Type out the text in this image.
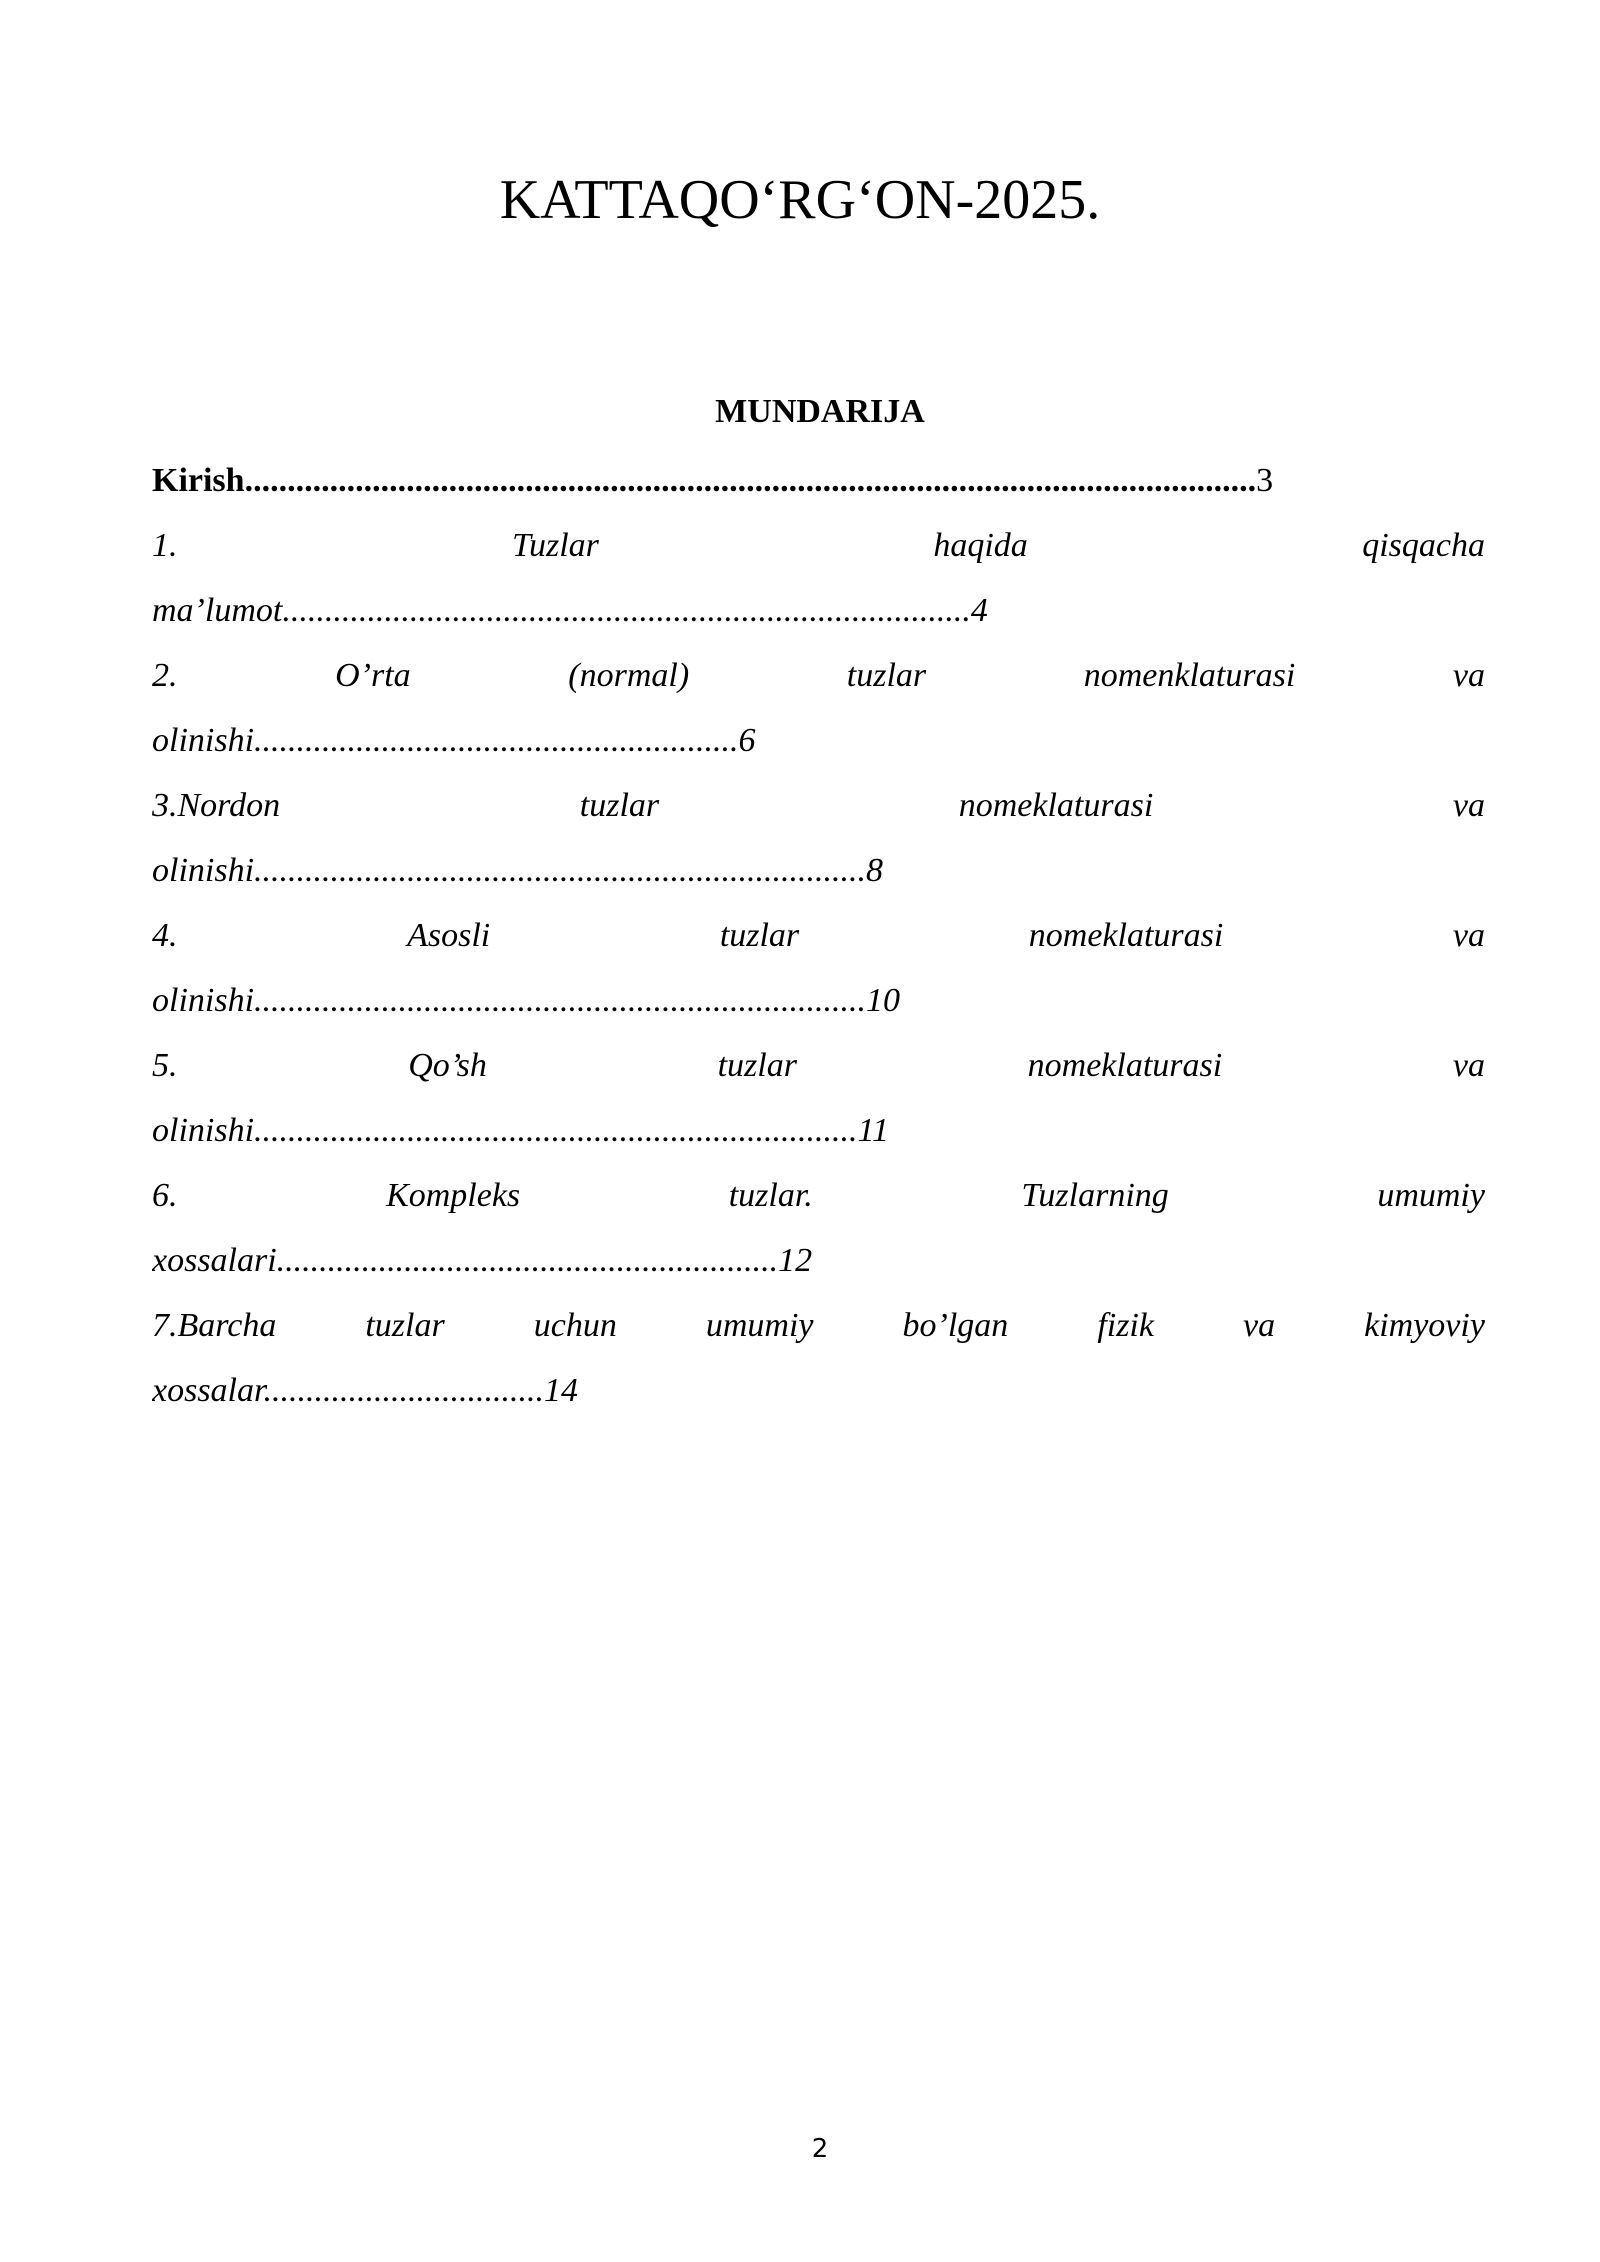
KATTAQO‘RG‘ON-2025.
MUNDARIJA
Kirish.......................................................................................................................3
1.	Tuzlar	haqida	qisqacha
ma’lumot.................................................................................4
2.	O’rta	(normal)	tuzlar	nomenklaturasi	va
olinishi.........................................................6
3.Nordon	tuzlar	nomeklaturasi	va
olinishi........................................................................8
4.	Asosli	tuzlar	nomeklaturasi	va
olinishi........................................................................10
5.	Qo’sh	tuzlar	nomeklaturasi	va
olinishi.......................................................................11
6.	Kompleks	tuzlar.	Tuzlarning	umumiy
xossalari...........................................................12
7.Barcha	tuzlar	uchun	umumiy	bo’lgan	fizik	va	kimyoviy
xossalar.................................14
2
